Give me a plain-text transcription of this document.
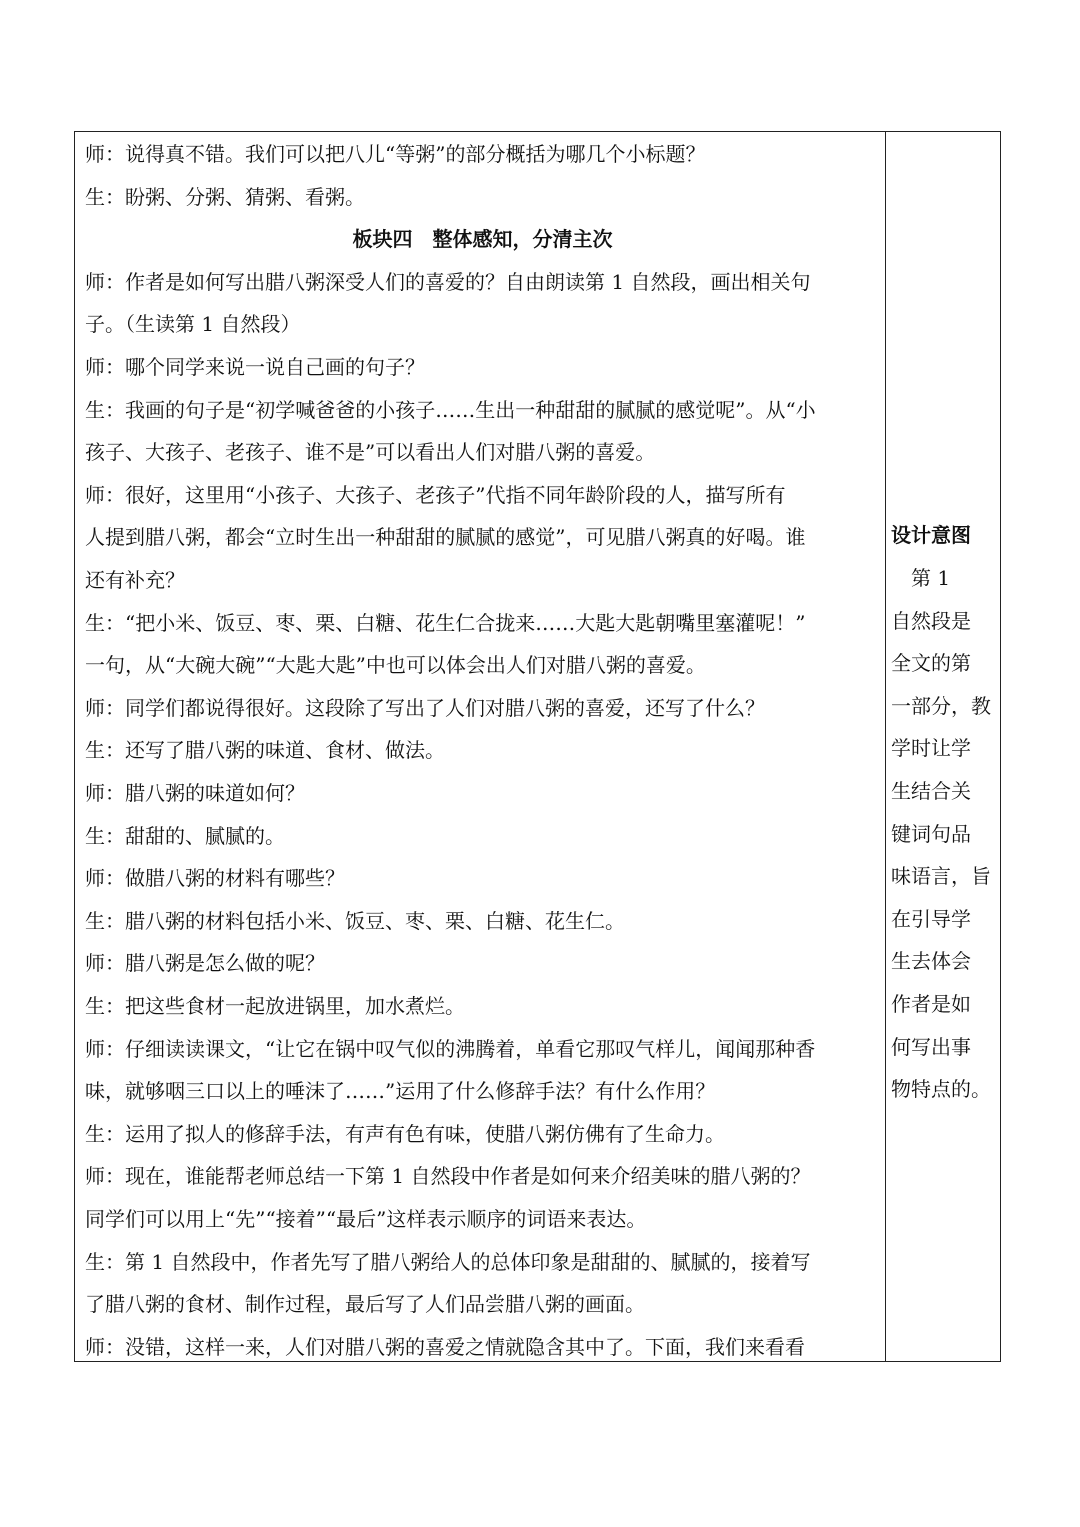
师：说得真不错。我们可以把八儿“等粥”的部分概括为哪几个小标题？
生：盼粥、分粥、猜粥、看粥。
板块四　整体感知，分清主次
师：作者是如何写出腊八粥深受人们的喜爱的？自由朗读第 1 自然段，画出相关句
子。（生读第 1 自然段）
师：哪个同学来说一说自己画的句子？
生：我画的句子是“初学喊爸爸的小孩子……生出一种甜甜的腻腻的感觉呢”。从“小
孩子、大孩子、老孩子、谁不是”可以看出人们对腊八粥的喜爱。
师：很好，这里用“小孩子、大孩子、老孩子”代指不同年龄阶段的人，描写所有
人提到腊八粥，都会“立时生出一种甜甜的腻腻的感觉”，可见腊八粥真的好喝。谁
还有补充？
生：“把小米、饭豆、枣、栗、白糖、花生仁合拢来……大匙大匙朝嘴里塞灌呢！”
一句，从“大碗大碗”“大匙大匙”中也可以体会出人们对腊八粥的喜爱。
师：同学们都说得很好。这段除了写出了人们对腊八粥的喜爱，还写了什么？
生：还写了腊八粥的味道、食材、做法。
师：腊八粥的味道如何？
生：甜甜的、腻腻的。
师：做腊八粥的材料有哪些？
生：腊八粥的材料包括小米、饭豆、枣、栗、白糖、花生仁。
师：腊八粥是怎么做的呢？
生：把这些食材一起放进锅里，加水煮烂。
师：仔细读读课文，“让它在锅中叹气似的沸腾着，单看它那叹气样儿，闻闻那种香
味，就够咽三口以上的唾沫了……”运用了什么修辞手法？有什么作用？
生：运用了拟人的修辞手法，有声有色有味，使腊八粥仿佛有了生命力。
师：现在，谁能帮老师总结一下第 1 自然段中作者是如何来介绍美味的腊八粥的？
同学们可以用上“先”“接着”“最后”这样表示顺序的词语来表达。
生：第 1 自然段中，作者先写了腊八粥给人的总体印象是甜甜的、腻腻的，接着写
了腊八粥的食材、制作过程，最后写了人们品尝腊八粥的画面。
师：没错，这样一来，人们对腊八粥的喜爱之情就隐含其中了。下面，我们来看看
设计意图
　第 1
自然段是
全文的第
一部分，教
学时让学
生结合关
键词句品
味语言，旨
在引导学
生去体会
作者是如
何写出事
物特点的。
